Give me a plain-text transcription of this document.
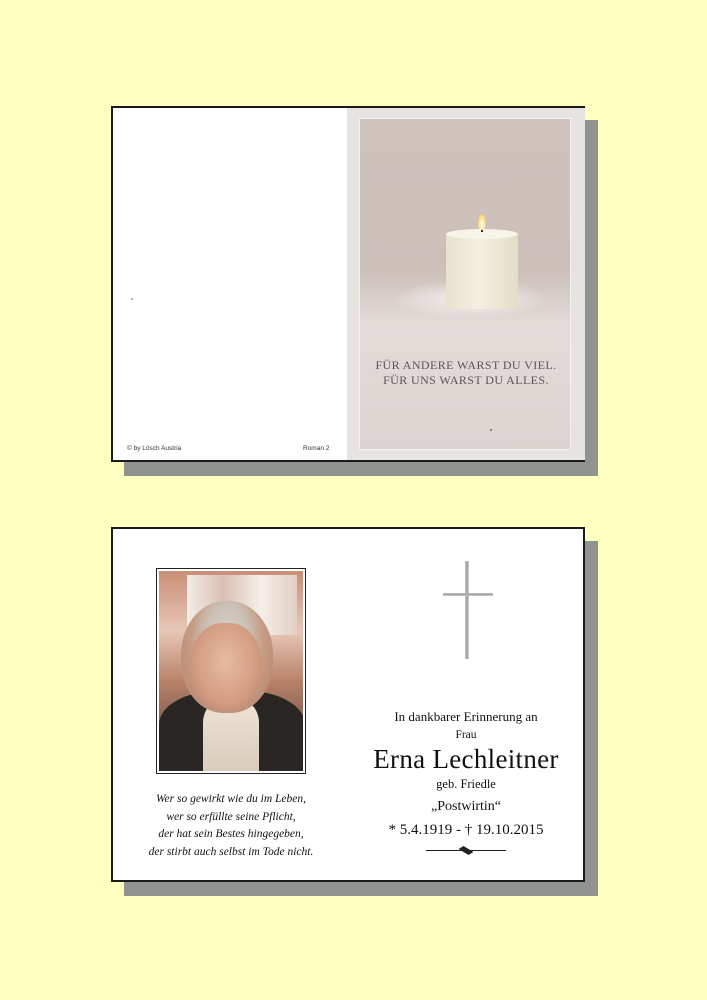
© by Lösch Austria	Roman 2
FÜR ANDERE WARST DU VIEL.
FÜR UNS WARST DU ALLES.
Wer so gewirkt wie du im Leben,
wer so erfüllte seine Pflicht,
der hat sein Bestes hingegeben,
der stirbt auch selbst im Tode nicht.
In dankbarer Erinnerung an
Frau
Erna Lechleitner
geb. Friedle
„Postwirtin“
* 5.4.1919 - † 19.10.2015
